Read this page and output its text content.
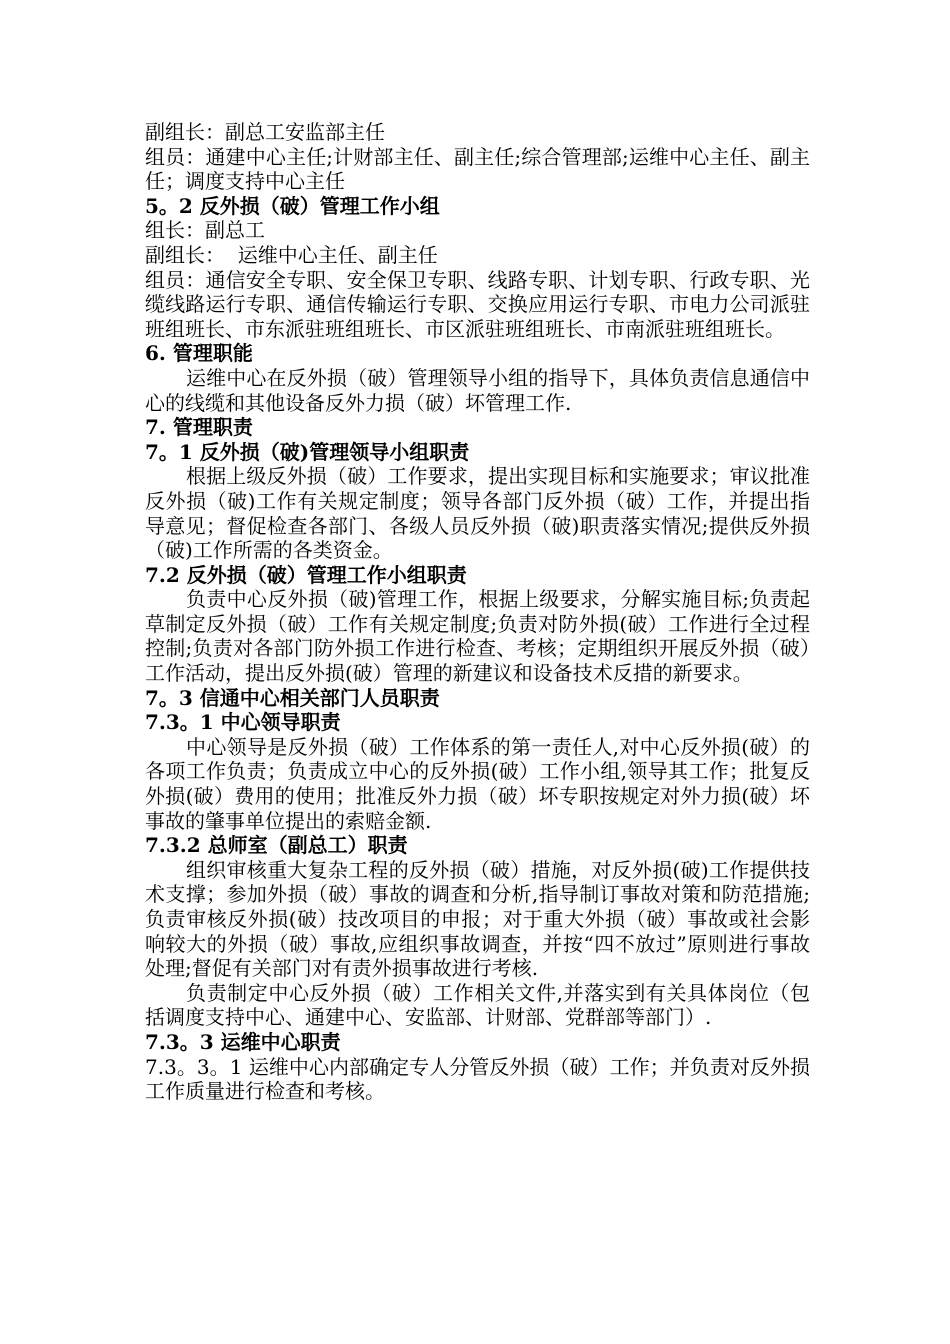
副组长：副总工安监部主任

组员：通建中心主任;计财部主任、副主任;综合管理部;运维中心主任、副主任；调度支持中心主任

5。2 反外损（破）管理工作小组

组长：副总工

副组长：  运维中心主任、副主任

组员：通信安全专职、安全保卫专职、线路专职、计划专职、行政专职、光缆线路运行专职、通信传输运行专职、交换应用运行专职、市电力公司派驻班组班长、市东派驻班组班长、市区派驻班组班长、市南派驻班组班长。

6. 管理职能

运维中心在反外损（破）管理领导小组的指导下，具体负责信息通信中心的线缆和其他设备反外力损（破）坏管理工作.

7. 管理职责

7。1 反外损（破)管理领导小组职责

根据上级反外损（破）工作要求，提出实现目标和实施要求；审议批准反外损（破)工作有关规定制度；领导各部门反外损（破）工作，并提出指导意见；督促检查各部门、各级人员反外损（破)职责落实情况;提供反外损（破)工作所需的各类资金。

7.2 反外损（破）管理工作小组职责

负责中心反外损（破)管理工作，根据上级要求，分解实施目标;负责起草制定反外损（破）工作有关规定制度;负责对防外损(破）工作进行全过程控制;负责对各部门防外损工作进行检查、考核；定期组织开展反外损（破）工作活动，提出反外损(破）管理的新建议和设备技术反措的新要求。

7。3 信通中心相关部门人员职责

7.3。1 中心领导职责

中心领导是反外损（破）工作体系的第一责任人,对中心反外损(破）的各项工作负责；负责成立中心的反外损(破）工作小组,领导其工作；批复反外损(破）费用的使用；批准反外力损（破）坏专职按规定对外力损(破）坏事故的肇事单位提出的索赔金额.

7.3.2 总师室（副总工）职责

组织审核重大复杂工程的反外损（破）措施，对反外损(破)工作提供技术支撑；参加外损（破）事故的调查和分析,指导制订事故对策和防范措施;负责审核反外损(破）技改项目的申报；对于重大外损（破）事故或社会影响较大的外损（破）事故,应组织事故调查，并按“四不放过”原则进行事故处理;督促有关部门对有责外损事故进行考核.

负责制定中心反外损（破）工作相关文件,并落实到有关具体岗位（包括调度支持中心、通建中心、安监部、计财部、党群部等部门）.

7.3。3 运维中心职责

7.3。3。1 运维中心内部确定专人分管反外损（破）工作；并负责对反外损工作质量进行检查和考核。
